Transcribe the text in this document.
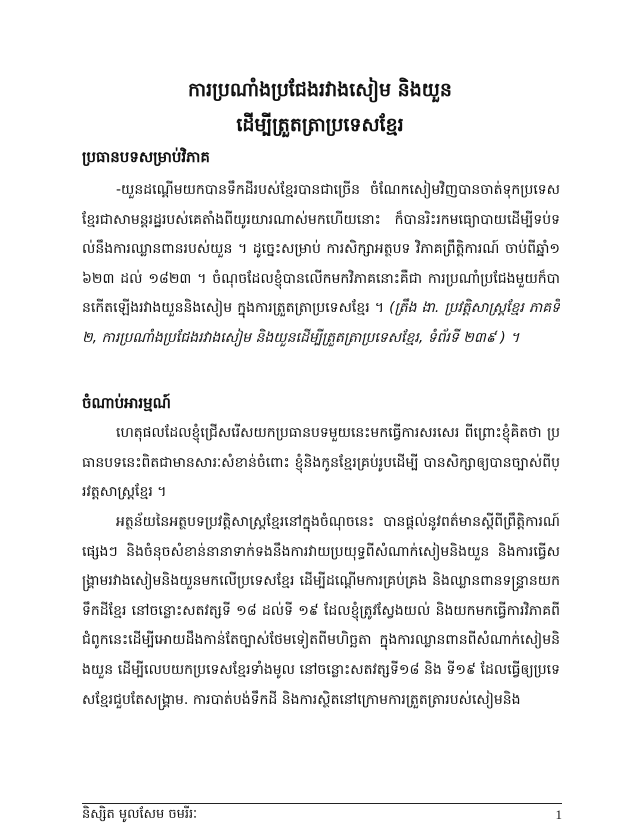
ការប្រណាំងប្រជែងរវាងសៀម និងយួន
ដើម្បីត្រួតត្រាប្រទេសខ្មែរ
ប្រធានបទសម្រាប់វិភាគ
-យួនដណ្ដើមយកបានទឹកដីរបស់ខ្មែរបានជាច្រើន ចំណែកសៀមវិញបានចាត់ទុកប្រទេសខ្មែរជាសាមន្តរដ្ឋរបស់គេតាំងពីយូរយារណាស់មកហើយនោះ ក៏បានរិះរកមធ្យោបាយដើម្បីទប់ទល់នឹងការឈ្លានពានរបស់យួន ។ ដូច្នេះសម្រាប់ ការសិក្សាអត្ថបទ វិភាគព្រឹត្តិការណ៍ ចាប់ពីឆ្នាំ១៦២៣ ដល់ ១៨២៣ ។ ចំណុចដែលខ្ញុំបានលើកមកវិភាគនោះគឺជា ការប្រណាំប្រជែងមួយក៏បានកើតឡើងរវាងយួននិងសៀម ក្នុងការត្រួតត្រាប្រទេសខ្មែរ ។ (ត្រឹង ងា. ប្រវត្តិសាស្ត្រខ្មែរ ភាគទី ២, ការប្រណាំងប្រជែងរវាងសៀម និងយួនដើម្បីត្រួតត្រាប្រទេសខ្មែរ, ទំព័រទី ២៣៩ ) ។
ចំណាប់អារម្មណ៍
ហេតុផលដែលខ្ញុំជ្រើសរើសយកប្រធានបទមួយនេះមកធ្វើការសរសេរ ពីព្រោះខ្ញុំគិតថា ប្រធានបទនេះពិតជាមានសារៈសំខាន់ចំពោះ ខ្ញុំនិងកូនខ្មែរគ្រប់រូបដើម្បី បានសិក្សាឲ្យបានច្បាស់ពីប្រវត្តសាស្ត្រខ្មែរ ។
អត្ថន័យនៃអត្ថបទប្រវត្តិសាស្ត្រខ្មែរនៅក្នុងចំណុចនេះ បានផ្ដល់នូវពត៌មានស្ដីពីព្រឹត្តិការណ៍ផ្សេងៗ និងចំនុចសំខាន់នានាទាក់ទងនឹងការវាយប្រយុទ្ធពីសំណាក់សៀមនិងយួន និងការធ្វើសង្គ្រាមរវាងសៀមនិងយួនមកលើប្រទេសខ្មែរ ដើម្បីដណ្ដើមការគ្រប់គ្រង និងឈ្លានពានទន្ទ្រានយកទឹកដីខ្មែរ នៅចន្លោះសតវត្សទី ១៨ ដល់ទី ១៩ ដែលខ្ញុំត្រូវស្វែងយល់ និងយកមកធ្វើការវិភាគពីជំពូកនេះដើម្បីអោយដឹងកាន់តែច្បាស់ថែមទៀតពីមហិច្ឆតា ក្នុងការឈ្លានពានពីសំណាក់សៀមនិងយួន ដើម្បីលេបយកប្រទេសខ្មែរទាំងមូល នៅចន្លោះសតវត្សទី១៨ និង ទី១៩ ដែលធ្វើឲ្យប្រទេសខ្មែរជួបតែសង្គ្រាម. ការបាត់បង់ទឹកដី និងការស្ថិតនៅក្រោមការត្រួតត្រារបស់សៀមនិង
និស្សិត មូលសែម ចមរីរៈ	1
